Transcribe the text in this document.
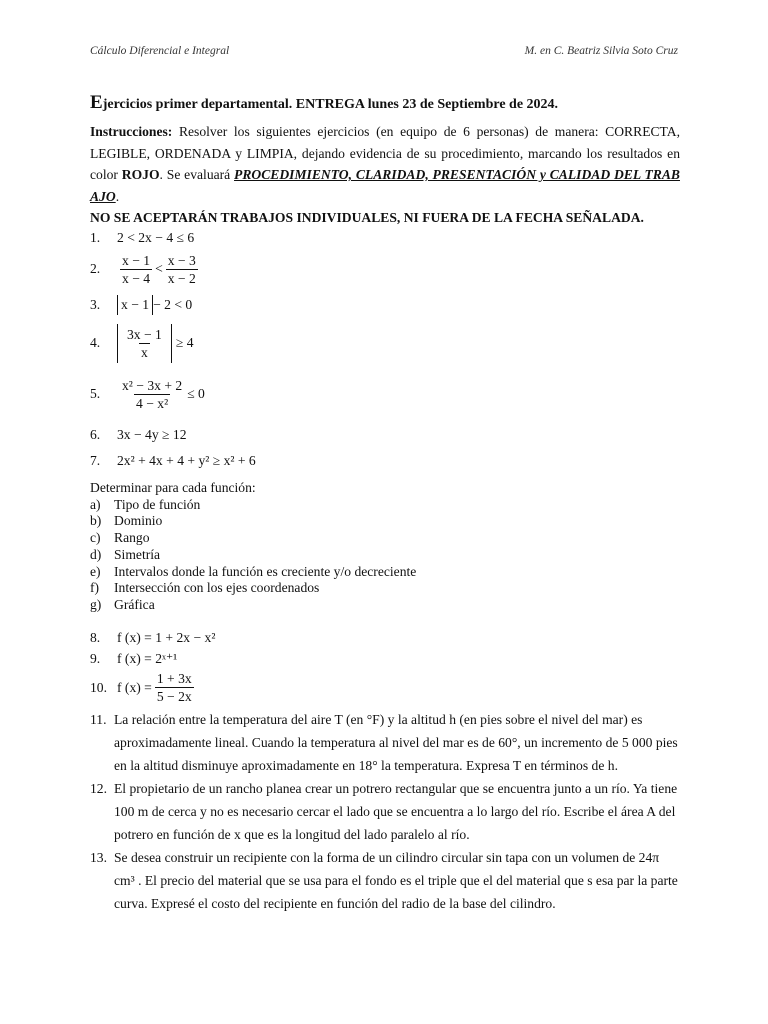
Cálculo Diferencial e Integral	M. en C. Beatriz Silvia Soto Cruz
Ejercicios primer departamental. ENTREGA lunes 23 de Septiembre de 2024.
Instrucciones: Resolver los siguientes ejercicios (en equipo de 6 personas) de manera: CORRECTA, LEGIBLE, ORDENADA y LIMPIA, dejando evidencia de su procedimiento, marcando los resultados en color ROJO. Se evaluará PROCEDIMIENTO, CLARIDAD, PRESENTACIÓN y CALIDAD DEL TRAB AJO.
NO SE ACEPTARÁN TRABAJOS INDIVIDUALES, NI FUERA DE LA FECHA SEÑALADA.
1.	2 < 2x − 4 ≤ 6
2.	$\frac{x - 1}{x - 4} < \frac{x - 3}{x - 2}$
3.	x − 1 − 2 < 0
4.	$\frac{3x - 1}{x} \ge 4$
5.	$\frac{\text{x² − 3x + 2}}{\text{4 − x²}} \le 0$
6.	3x − 4y ≥ 12
7.	2x² + 4x + 4 + y² ≥ x² + 6
Determinar para cada función:
a) Tipo de función
b) Dominio
c) Rango
d) Simetría
e) Intervalos donde la función es creciente y/o decreciente
f)	Intersección con los ejes coordenados
g) Gráfica
8.	f (x) = 1 + 2x − x²
9.	f (x) = 2ˣ⁺¹
10. f $(x) = \frac{1 + 3x}{5 - 2x}$
11. La relación entre la temperatura del aire T (en °F) y la altitud h (en pies sobre el nivel del mar) es aproximadamente lineal. Cuando la temperatura al nivel del mar es de 60°, un incremento de 5 000 pies en la altitud disminuye aproximadamente en 18° la temperatura. Expresa T en términos de h.
12. El propietario de un rancho planea crear un potrero rectangular que se encuentra junto a un río. Ya tiene 100 m de cerca y no es necesario cercar el lado que se encuentra a lo largo del río. Escribe el área A del potrero en función de x que es la longitud del lado paralelo al río.
13. Se desea construir un recipiente con la forma de un cilindro circular sin tapa con un volumen de 24π cm³ . El precio del material que se usa para el fondo es el triple que el del material que s esa par la parte curva. Expresé el costo del recipiente en función del radio de la base del cilindro.
